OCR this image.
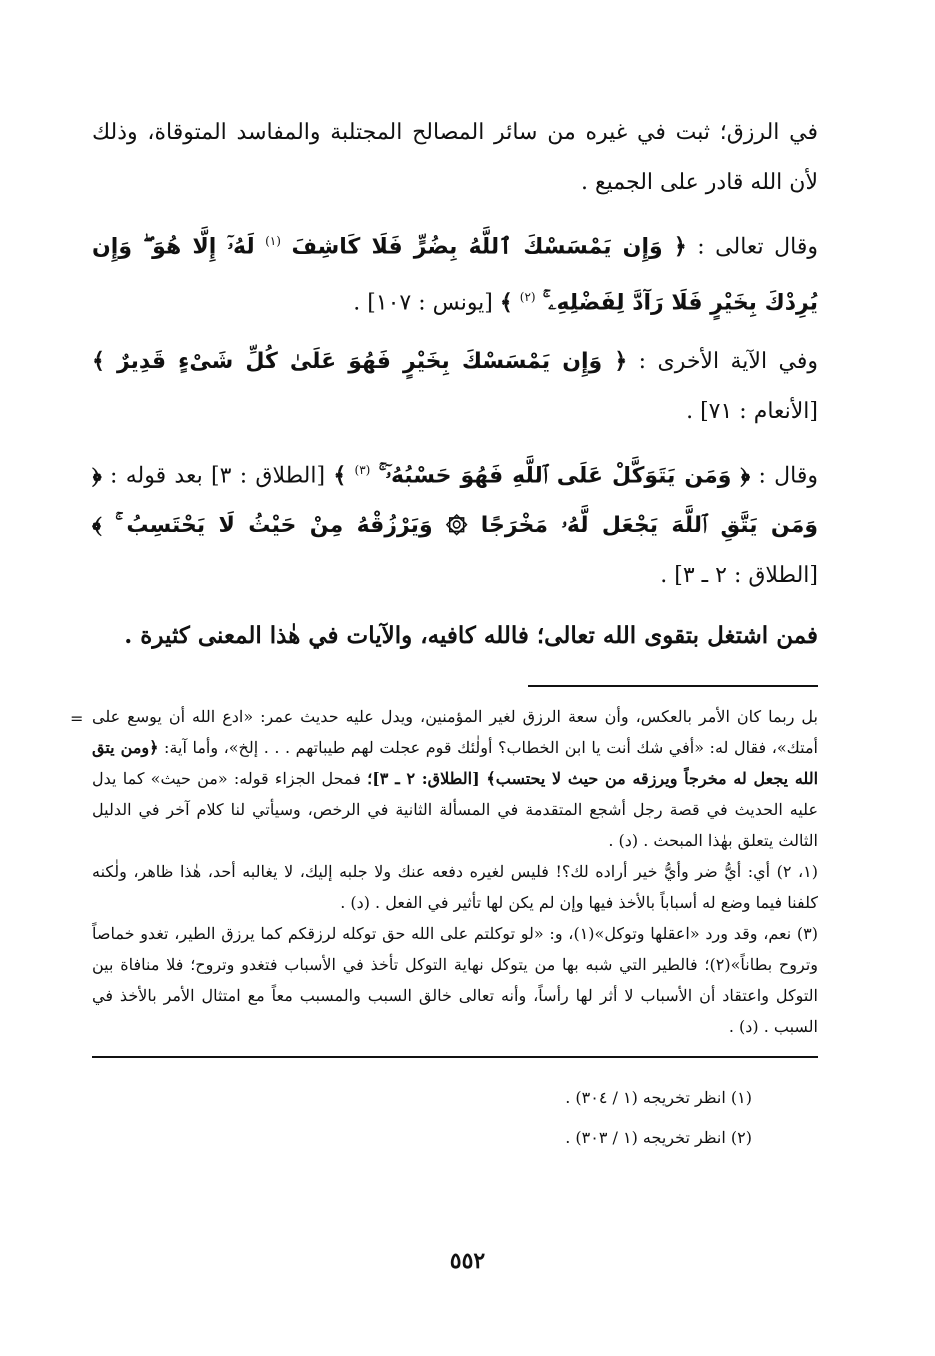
في الرزق؛ ثبت في غيره من سائر المصالح المجتلبة والمفاسد المتوقاة، وذلك لأن الله قادر على الجميع .

وقال تعالى : ﴿ وَإِن يَمْسَسْكَ ٱللَّهُ بِضُرٍّ فَلَا كَاشِفَ $^{(١)}$ لَهُۥٓ إِلَّا هُوَ ۖ وَإِن يُرِدْكَ بِخَيْرٍ فَلَا رَآدَّ لِفَضْلِهِۦ ۚ $^{(٢)}$ ﴾ [يونس : ١٠٧] .

وفي الآية الأخرى : ﴿ وَإِن يَمْسَسْكَ بِخَيْرٍ فَهُوَ عَلَىٰ كُلِّ شَىْءٍ قَدِيرٌ ﴾ [الأنعام : ٧١] .

وقال : ﴿ وَمَن يَتَوَكَّلْ عَلَى ٱللَّهِ فَهُوَ حَسْبُهُۥٓ ۚ $^{(٣)}$ ﴾ [الطلاق : ٣] بعد قوله : ﴿ وَمَن يَتَّقِ ٱللَّهَ يَجْعَل لَّهُۥ مَخْرَجًا ۞ وَيَرْزُقْهُ مِنْ حَيْثُ لَا يَحْتَسِبُ ۚ ﴾ [الطلاق : ٢ ـ ٣] .

فمن اشتغل بتقوى الله تعالى؛ فالله كافيه، والآيات في هٰذا المعنى كثيرة .

= بل ربما كان الأمر بالعكس، وأن سعة الرزق لغير المؤمنين، ويدل عليه حديث عمر: «ادع الله أن يوسع على أمتك»، فقال له: «أفي شك أنت يا ابن الخطاب؟ أولٰئك قوم عجلت لهم طيباتهم . . . إلخ»، وأما آية: ﴿ومن يتق الله يجعل له مخرجاً ويرزقه من حيث لا يحتسب﴾ [الطلاق: ٢ ـ ٣]؛ فمحل الجزاء قوله: «من حيث» كما يدل عليه الحديث في قصة رجل أشجع المتقدمة في المسألة الثانية في الرخص، وسيأتي لنا كلام آخر في الدليل الثالث يتعلق بهٰذا المبحث . (د) .

(١، ٢) أي: أيُّ ضر وأيُّ خير أراده لك؟! فليس لغيره دفعه عنك ولا جلبه إليك، لا يغالبه أحد، هٰذا ظاهر، ولٰكنه كلفنا فيما وضع له أسباباً بالأخذ فيها وإن لم يكن لها تأثير في الفعل . (د) .

(٣) نعم، وقد ورد «اعقلها وتوكل»(١)، و: «لو توكلتم على الله حق توكله لرزقكم كما يرزق الطير، تغدو خماصاً وتروح بطاناً»(٢)؛ فالطير التي شبه بها من يتوكل نهاية التوكل تأخذ في الأسباب فتغدو وتروح؛ فلا منافاة بين التوكل واعتقاد أن الأسباب لا أثر لها رأساً، وأنه تعالى خالق السبب والمسبب معاً مع امتثال الأمر بالأخذ في السبب . (د) .

(١) انظر تخريجه (١ / ٣٠٤) .

(٢) انظر تخريجه (١ / ٣٠٣) .

٥٥٢
